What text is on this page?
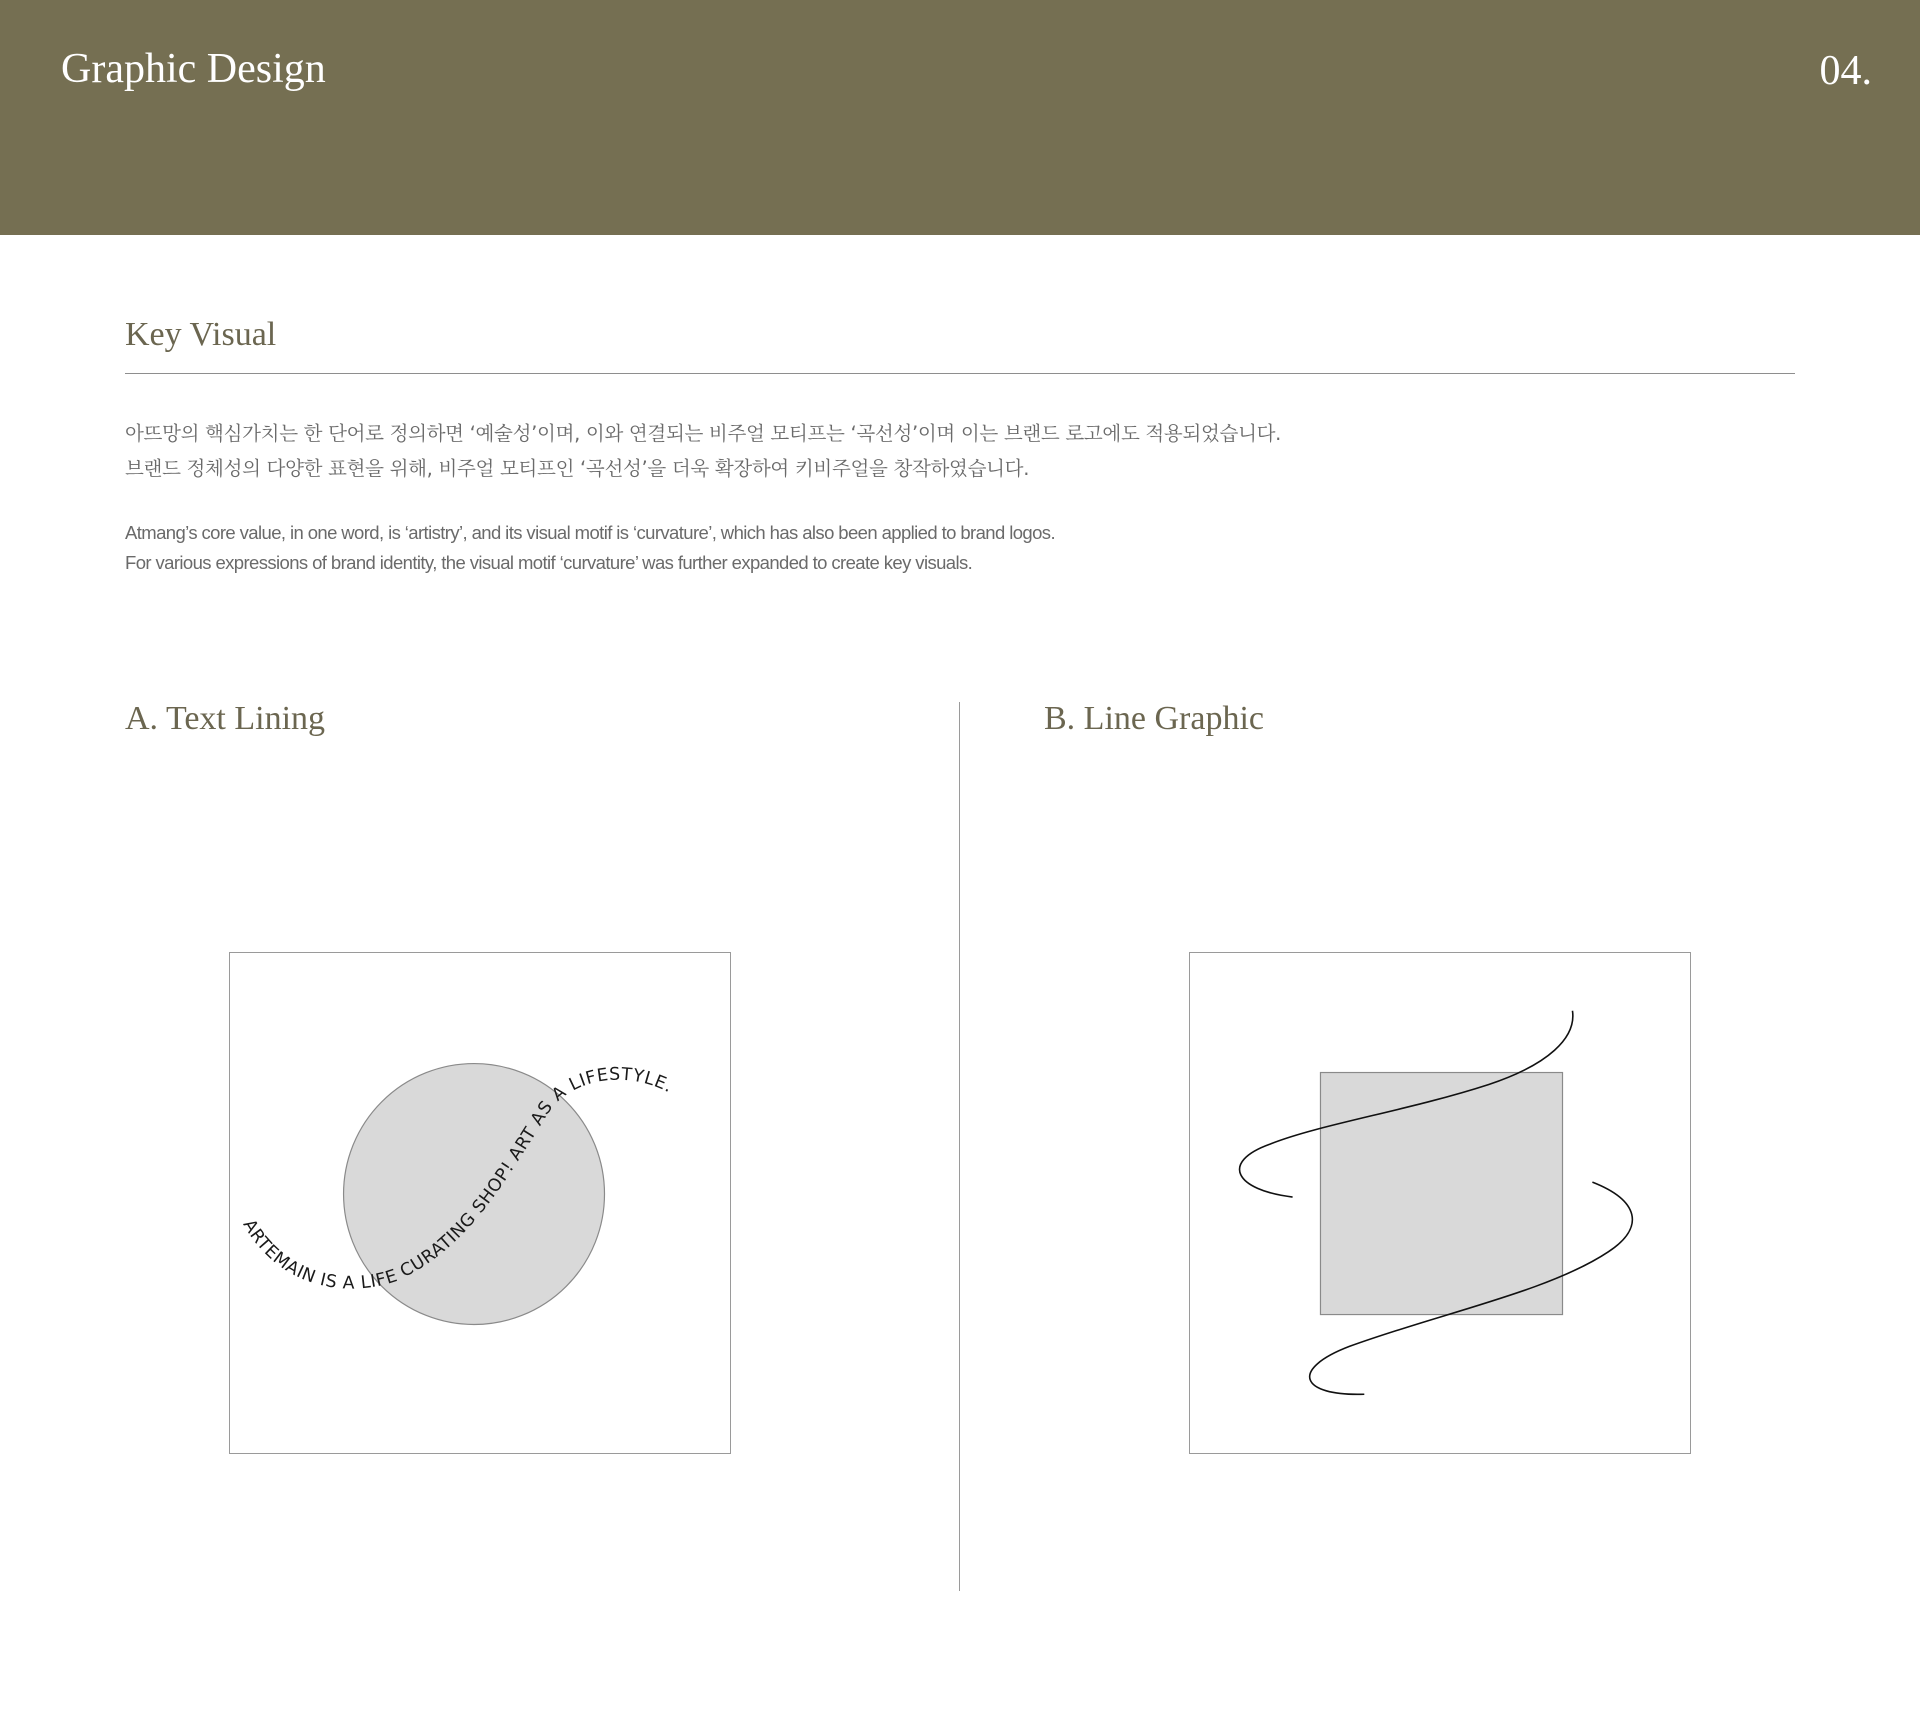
Graphic Design	04.
Key Visual
아뜨망의 핵심가치는 한 단어로 정의하면 ‘예술성’이며, 이와 연결되는 비주얼 모티프는 ‘곡선성’이며 이는 브랜드 로고에도 적용되었습니다.
브랜드 정체성의 다양한 표현을 위해, 비주얼 모티프인 ‘곡선성’을 더욱 확장하여 키비주얼을 창작하였습니다.
Atmang’s core value, in one word, is ‘artistry’, and its visual motif is ‘curvature’, which has also been applied to brand logos.
For various expressions of brand identity, the visual motif ‘curvature’ was further expanded to create key visuals.
A. Text Lining	B. Line Graphic
ARTEMAIN IS A LIFE CURATING SHOP! ART AS A LIFESTYLE.
